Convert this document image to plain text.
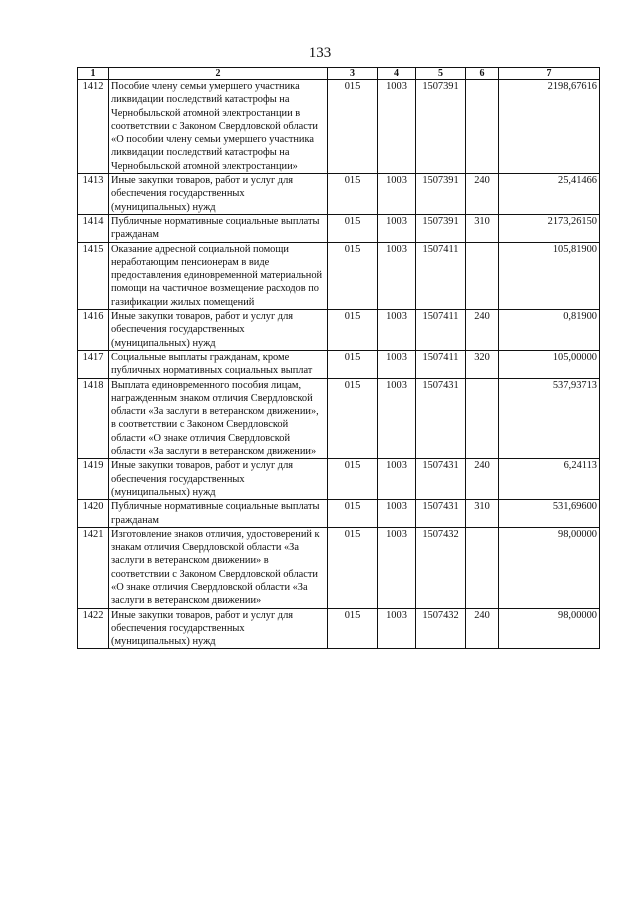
133
1	2	3	4	5	6	7
1412	Пособие члену семьи умершего участника ликвидации последствий катастрофы на Чернобыльской атомной электростанции в соответствии с Законом Свердловской области «О пособии члену семьи умершего участника ликвидации последствий катастрофы на Чернобыльской атомной электростанции»	015	1003	1507391		2198,67616
1413	Иные закупки товаров, работ и услуг для обеспечения государственных (муниципальных) нужд	015	1003	1507391	240	25,41466
1414	Публичные нормативные социальные выплаты гражданам	015	1003	1507391	310	2173,26150
1415	Оказание адресной социальной помощи неработающим пенсионерам в виде предоставления единовременной материальной помощи на частичное возмещение расходов по газификации жилых помещений	015	1003	1507411		105,81900
1416	Иные закупки товаров, работ и услуг для обеспечения государственных (муниципальных) нужд	015	1003	1507411	240	0,81900
1417	Социальные выплаты гражданам, кроме публичных нормативных социальных выплат	015	1003	1507411	320	105,00000
1418	Выплата единовременного пособия лицам, награжденным знаком отличия Свердловской области «За заслуги в ветеранском движении», в соответствии с Законом Свердловской области «О знаке отличия Свердловской области «За заслуги в ветеранском движении»	015	1003	1507431		537,93713
1419	Иные закупки товаров, работ и услуг для обеспечения государственных (муниципальных) нужд	015	1003	1507431	240	6,24113
1420	Публичные нормативные социальные выплаты гражданам	015	1003	1507431	310	531,69600
1421	Изготовление знаков отличия, удостоверений к знакам отличия Свердловской области «За заслуги в ветеранском движении» в соответствии с Законом Свердловской области «О знаке отличия Свердловской области «За заслуги в ветеранском движении»	015	1003	1507432		98,00000
1422	Иные закупки товаров, работ и услуг для обеспечения государственных (муниципальных) нужд	015	1003	1507432	240	98,00000
